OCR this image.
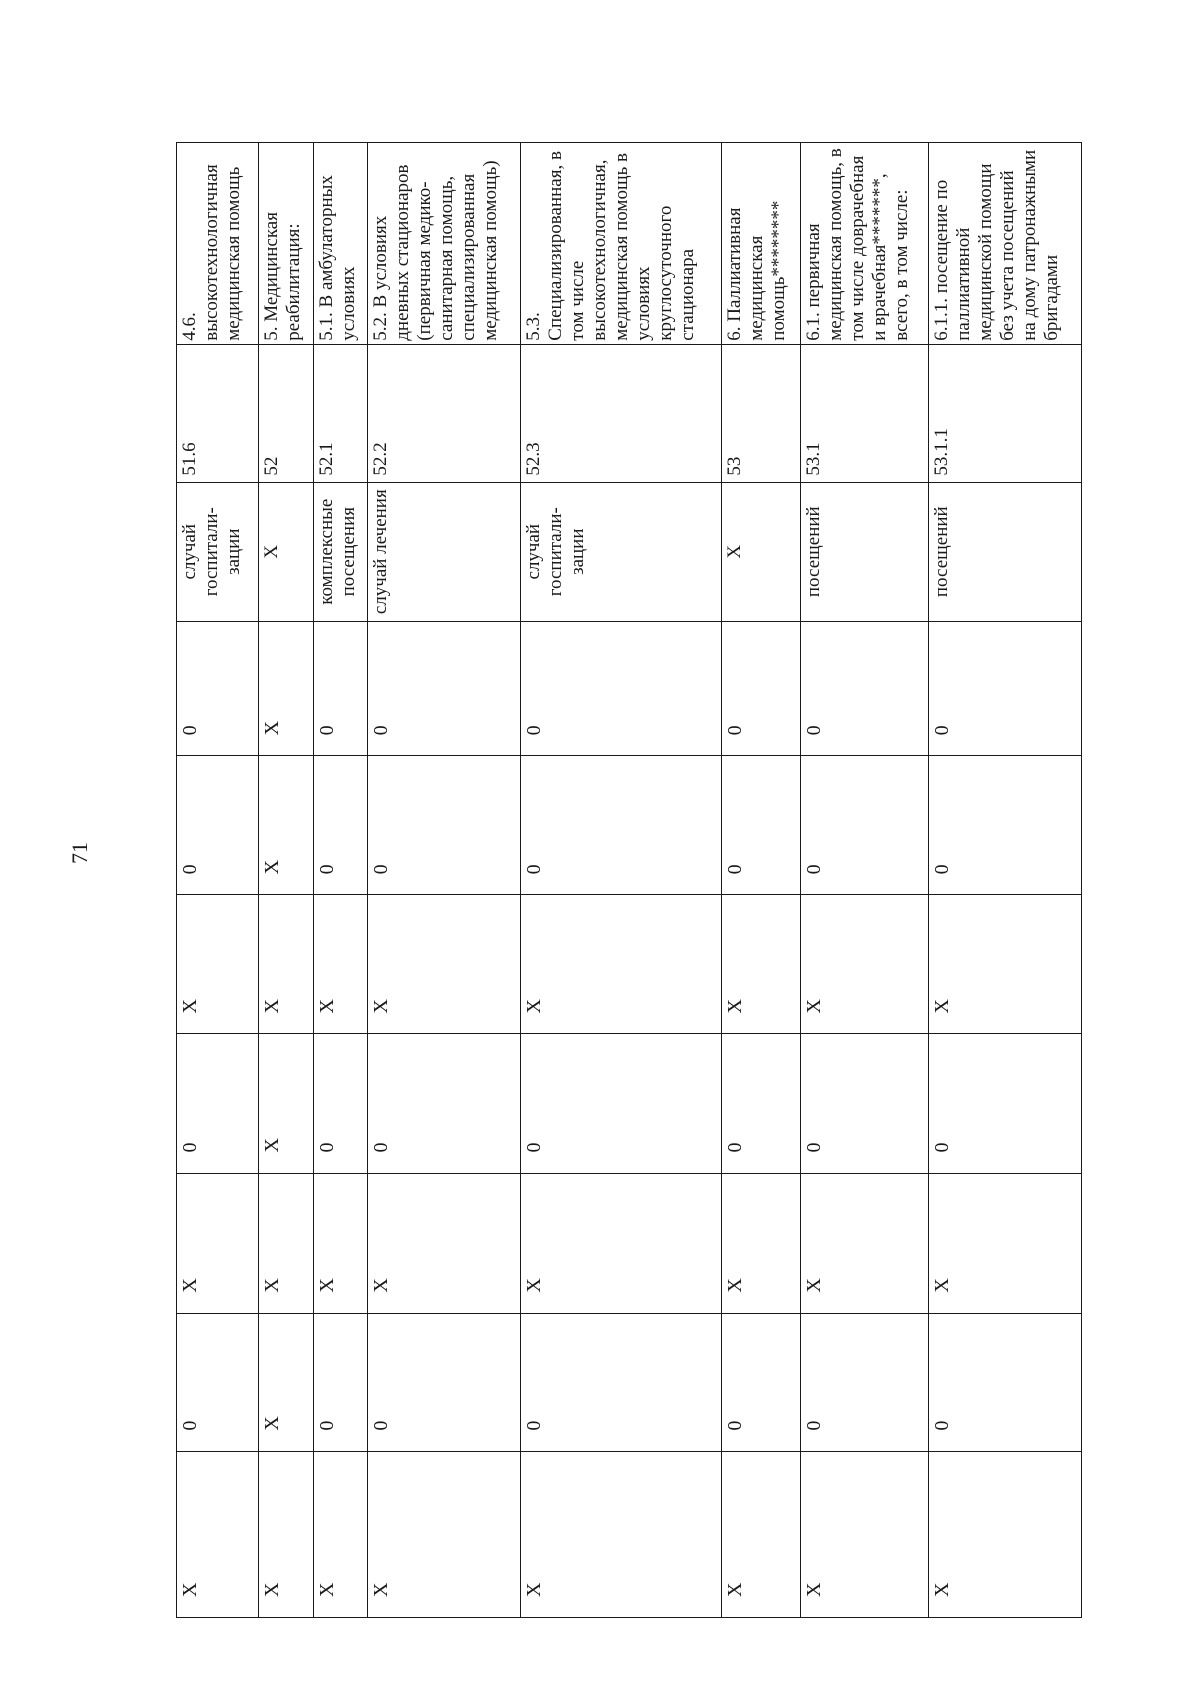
71
X	0	X	0	X	0	0	случай госпитали-зации	51.6	4.6. высокотехнологичная медицинская помощь
X	X	X	X	X	X	X	X	52	5. Медицинская реабилитация:
X	0	X	0	X	0	0	комплексные посещения	52.1	5.1. В амбулаторных условиях
X	0	X	0	X	0	0	случай лечения	52.2	5.2. В условиях дневных стационаров (первичная медико-санитарная помощь, специализированная медицинская помощь)
X	0	X	0	X	0	0	случай госпитали-зации	52.3	5.3. Специализированная, в том числе высокотехнологичная, медицинская помощь в условиях круглосуточного стационара
X	0	X	0	X	0	0	X	53	6. Паллиативная медицинская помощь********
X	0	X	0	X	0	0	посещений	53.1	6.1. первичная медицинская помощь, в том числе доврачебная и врачебная*******, всего, в том числе:
X	0	X	0	X	0	0	посещений	53.1.1	6.1.1. посещение по паллиативной медицинской помощи без учета посещений на дому патронажными бригадами
